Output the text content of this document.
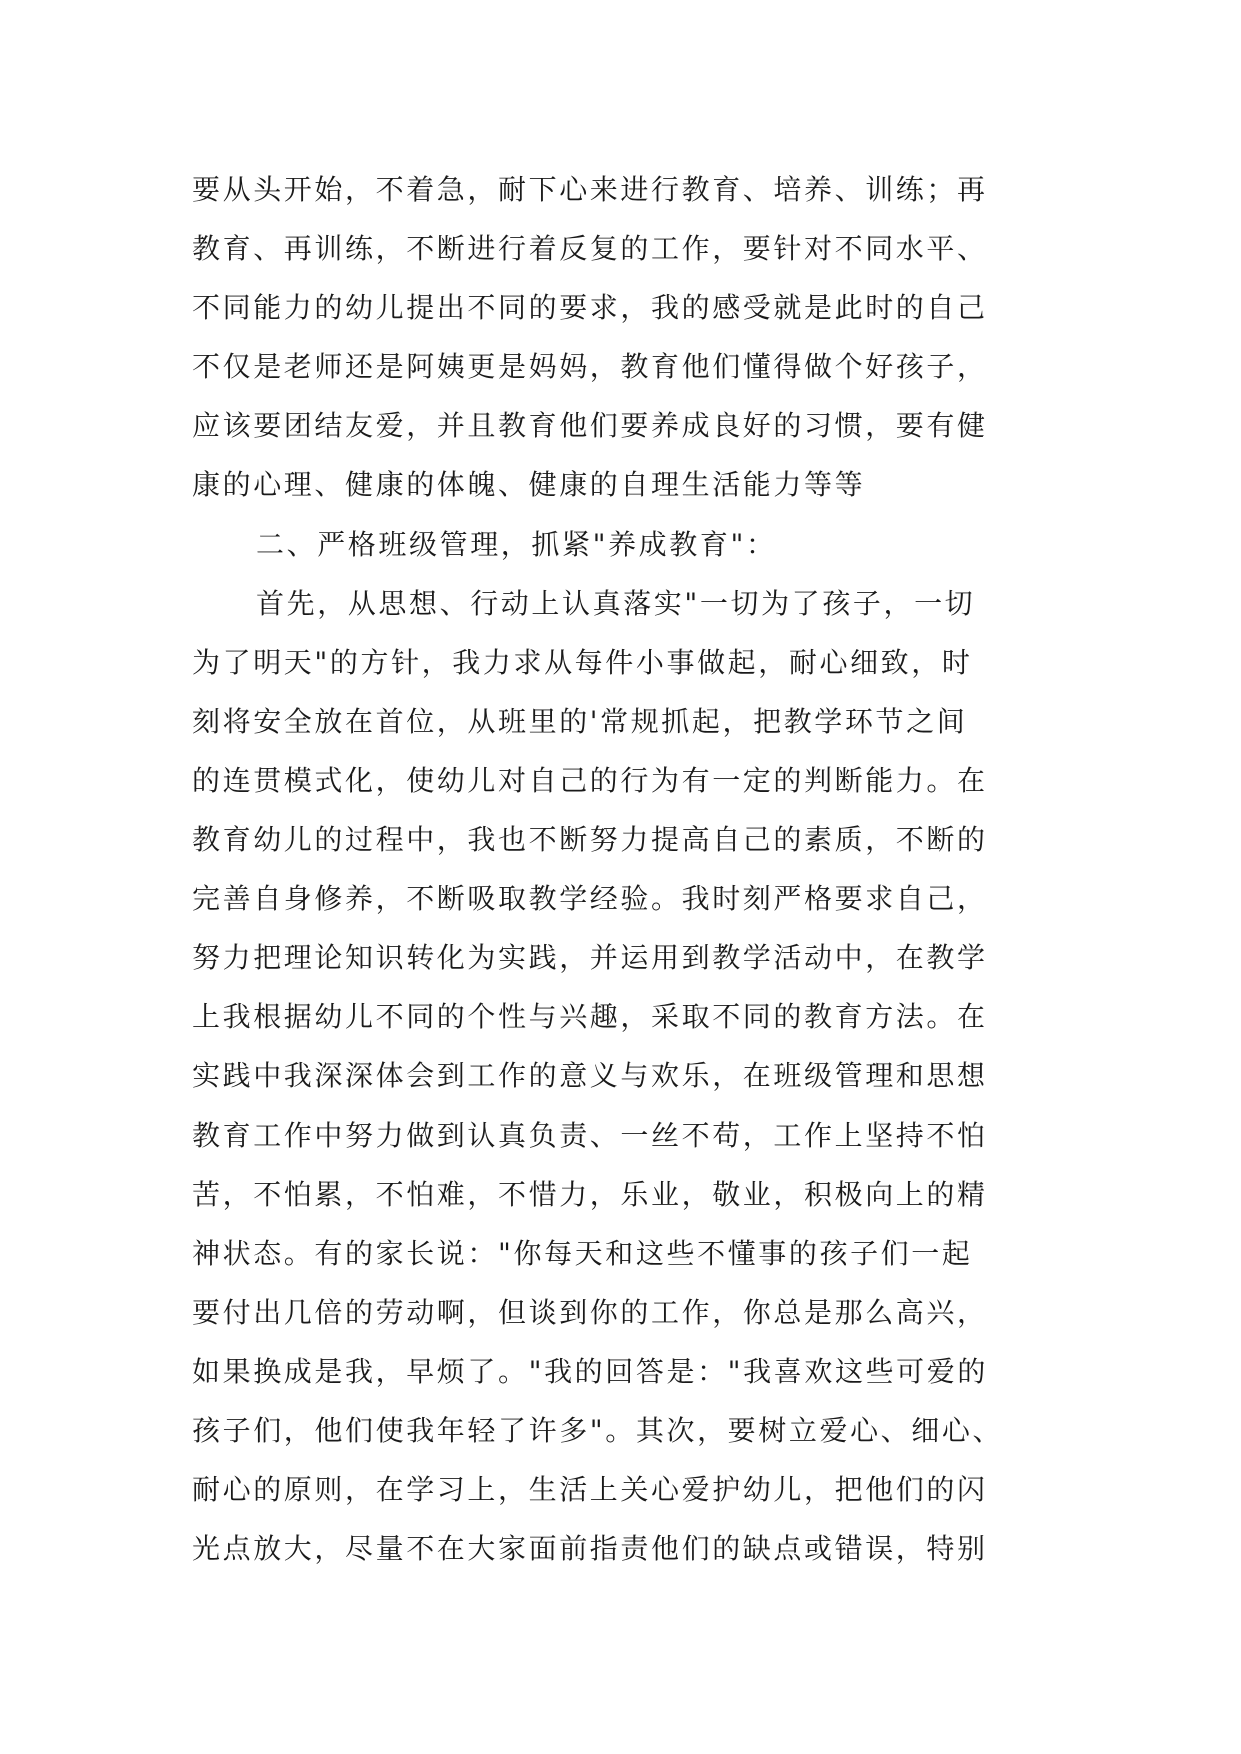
要从头开始，不着急，耐下心来进行教育、培养、训练；再
教育、再训练，不断进行着反复的工作，要针对不同水平、
不同能力的幼儿提出不同的要求，我的感受就是此时的自己
不仅是老师还是阿姨更是妈妈，教育他们懂得做个好孩子，
应该要团结友爱，并且教育他们要养成良好的习惯，要有健
康的心理、健康的体魄、健康的自理生活能力等等
二、严格班级管理，抓紧"养成教育"：
首先，从思想、行动上认真落实"一切为了孩子，一切
为了明天"的方针，我力求从每件小事做起，耐心细致，时
刻将安全放在首位，从班里的'常规抓起，把教学环节之间
的连贯模式化，使幼儿对自己的行为有一定的判断能力。在
教育幼儿的过程中，我也不断努力提高自己的素质，不断的
完善自身修养，不断吸取教学经验。我时刻严格要求自己，
努力把理论知识转化为实践，并运用到教学活动中，在教学
上我根据幼儿不同的个性与兴趣，采取不同的教育方法。在
实践中我深深体会到工作的意义与欢乐，在班级管理和思想
教育工作中努力做到认真负责、一丝不苟，工作上坚持不怕
苦，不怕累，不怕难，不惜力，乐业，敬业，积极向上的精
神状态。有的家长说："你每天和这些不懂事的孩子们一起
要付出几倍的劳动啊，但谈到你的工作，你总是那么高兴，
如果换成是我，早烦了。"我的回答是："我喜欢这些可爱的
孩子们，他们使我年轻了许多"。其次，要树立爱心、细心、
耐心的原则，在学习上，生活上关心爱护幼儿，把他们的闪
光点放大，尽量不在大家面前指责他们的缺点或错误，特别
